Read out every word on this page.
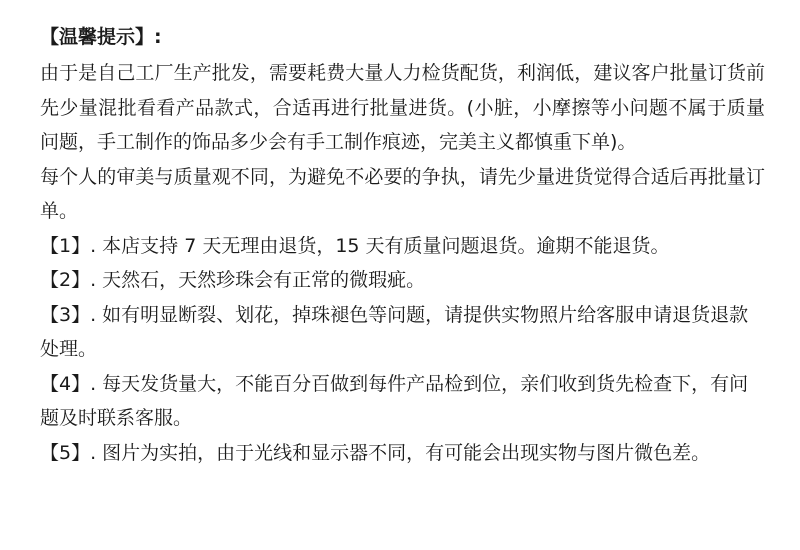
【温馨提示】:

由于是自己工厂生产批发，需要耗费大量人力检货配货，利润低，建议客户批量订货前先少量混批看看产品款式，合适再进行批量进货。(小脏，小摩擦等小问题不属于质量问题，手工制作的饰品多少会有手工制作痕迹，完美主义都慎重下单)。

每个人的审美与质量观不同，为避免不必要的争执，请先少量进货觉得合适后再批量订单。

【1】. 本店支持 7 天无理由退货，15 天有质量问题退货。逾期不能退货。

【2】. 天然石，天然珍珠会有正常的微瑕疵。

【3】. 如有明显断裂、划花，掉珠褪色等问题，请提供实物照片给客服申请退货退款处理。

【4】. 每天发货量大，不能百分百做到每件产品检到位，亲们收到货先检查下，有问题及时联系客服。

【5】. 图片为实拍，由于光线和显示器不同，有可能会出现实物与图片微色差。
